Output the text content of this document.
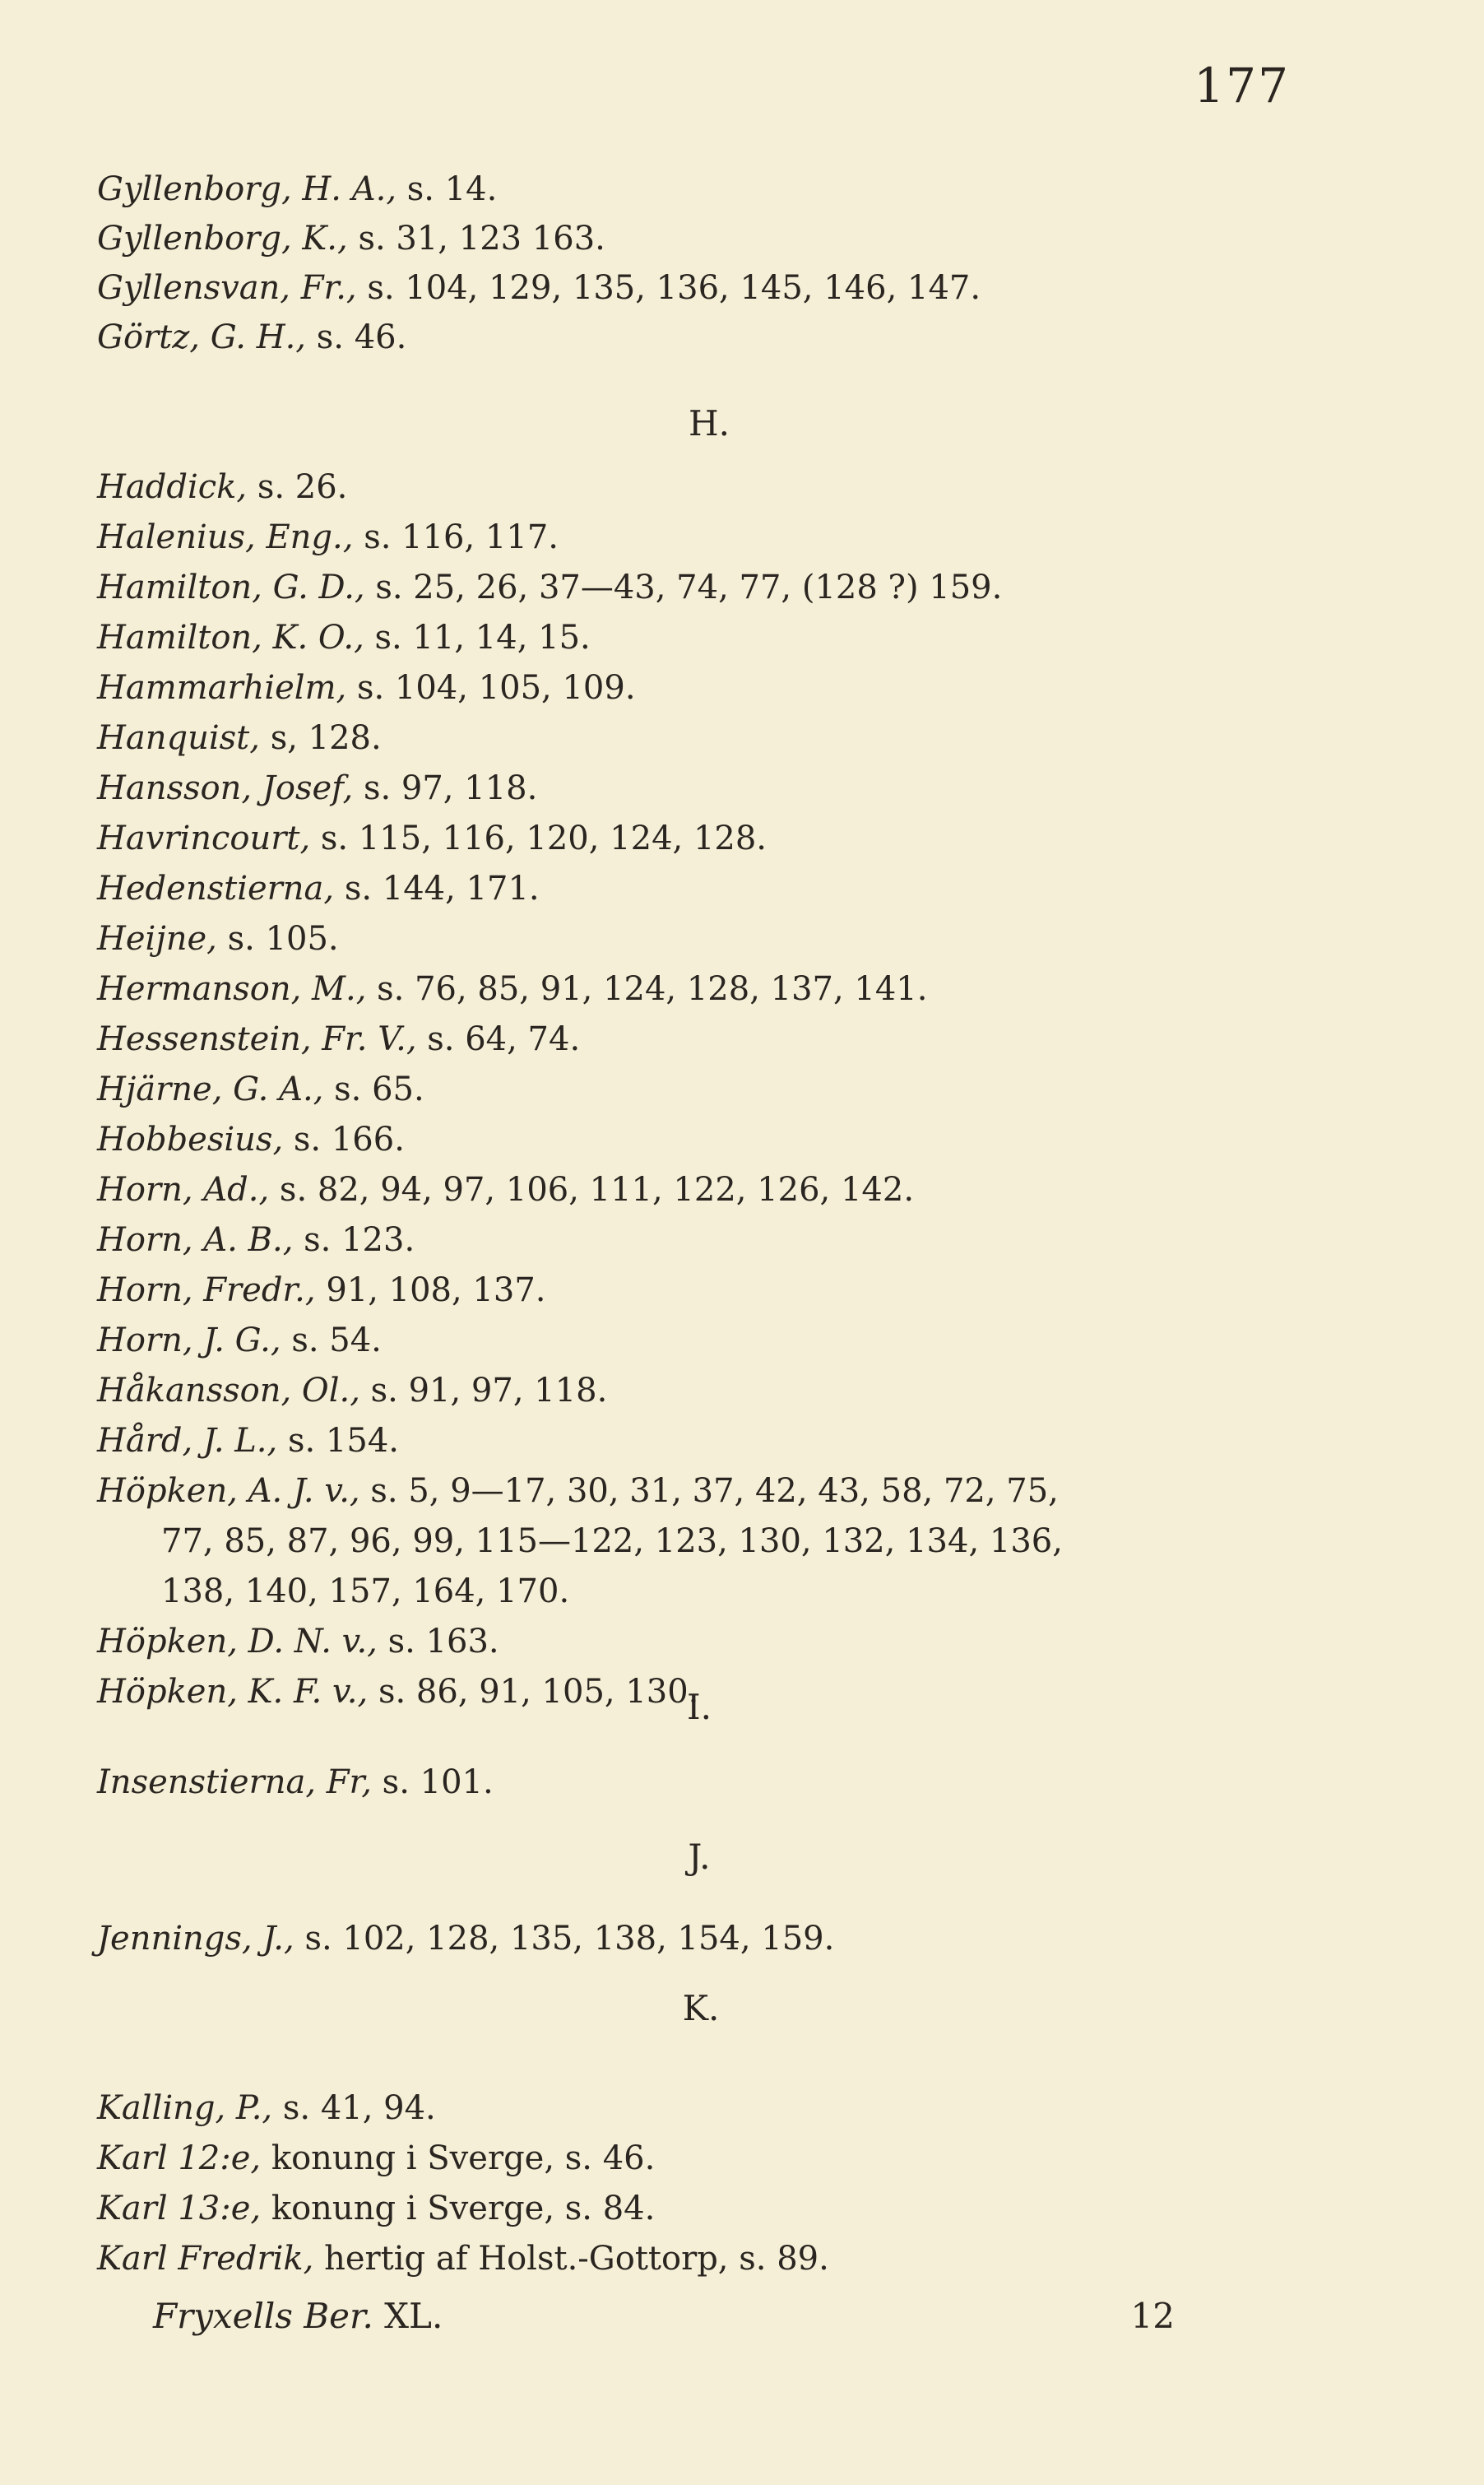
177
Gyllenborg, H. A., s. 14.
Gyllenborg, K., s. 31, 123 163.
Gyllensvan, Fr., s. 104, 129, 135, 136, 145, 146, 147.
Görtz, G. H., s. 46.
H.
Haddick, s. 26.
Halenius, Eng., s. 116, 117.
Hamilton, G. D., s. 25, 26, 37—43, 74, 77, (128 ?) 159.
Hamilton, K. O., s. 11, 14, 15.
Hammarhielm, s. 104, 105, 109.
Hanquist, s, 128.
Hansson, Josef, s. 97, 118.
Havrincourt, s. 115, 116, 120, 124, 128.
Hedenstierna, s. 144, 171.
Heijne, s. 105.
Hermanson, M., s. 76, 85, 91, 124, 128, 137, 141.
Hessenstein, Fr. V., s. 64, 74.
Hjärne, G. A., s. 65.
Hobbesius, s. 166.
Horn, Ad., s. 82, 94, 97, 106, 111, 122, 126, 142.
Horn, A. B., s. 123.
Horn, Fredr., 91, 108, 137.
Horn, J. G., s. 54.
Håkansson, Ol., s. 91, 97, 118.
Hård, J. L., s. 154.
Höpken, A. J. v., s. 5, 9—17, 30, 31, 37, 42, 43, 58, 72, 75,
77, 85, 87, 96, 99, 115—122, 123, 130, 132, 134, 136,
138, 140, 157, 164, 170.
Höpken, D. N. v., s. 163.
Höpken, K. F. v., s. 86, 91, 105, 130.
I.
Insenstierna, Fr, s. 101.
J.
Jennings, J., s. 102, 128, 135, 138, 154, 159.
K.
Kalling, P., s. 41, 94.
Karl 12:e, konung i Sverge, s. 46.
Karl 13:e, konung i Sverge, s. 84.
Karl Fredrik, hertig af Holst.-Gottorp, s. 89.
Fryxells Ber. XL.	12
